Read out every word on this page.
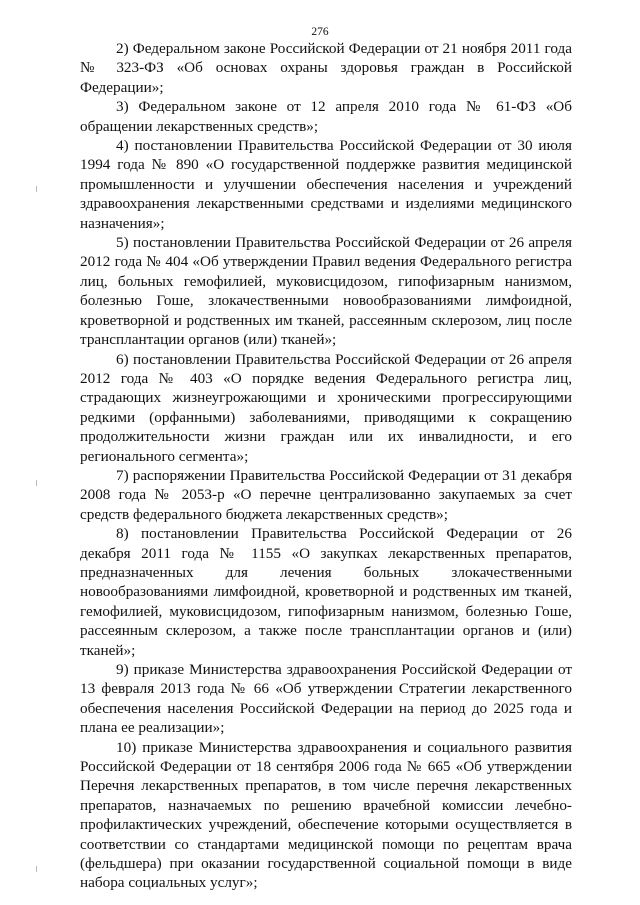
276

2) Федеральном законе Российской Федерации от 21 ноября 2011 года № 323-ФЗ «Об основах охраны здоровья граждан в Российской Федерации»;

3) Федеральном законе от 12 апреля 2010 года № 61-ФЗ «Об обращении лекарственных средств»;

4) постановлении Правительства Российской Федерации от 30 июля 1994 года № 890 «О государственной поддержке развития медицинской промышленности и улучшении обеспечения населения и учреждений здравоохранения лекарственными средствами и изделиями медицинского назначения»;

5) постановлении Правительства Российской Федерации от 26 апреля 2012 года № 404 «Об утверждении Правил ведения Федерального регистра лиц, больных гемофилией, муковисцидозом, гипофизарным нанизмом, болезнью Гоше, злокачественными новообразованиями лимфоидной, кроветворной и родственных им тканей, рассеянным склерозом, лиц после трансплантации органов (или) тканей»;

6) постановлении Правительства Российской Федерации от 26 апреля 2012 года № 403 «О порядке ведения Федерального регистра лиц, страдающих жизнеугрожающими и хроническими прогрессирующими редкими (орфанными) заболеваниями, приводящими к сокращению продолжительности жизни граждан или их инвалидности, и его регионального сегмента»;

7) распоряжении Правительства Российской Федерации от 31 декабря 2008 года № 2053-р «О перечне централизованно закупаемых за счет средств федерального бюджета лекарственных средств»;

8) постановлении Правительства Российской Федерации от 26 декабря 2011 года № 1155 «О закупках лекарственных препаратов, предназначенных для лечения больных злокачественными новообразованиями лимфоидной, кроветворной и родственных им тканей, гемофилией, муковисцидозом, гипофизарным нанизмом, болезнью Гоше, рассеянным склерозом, а также после трансплантации органов и (или) тканей»;

9) приказе Министерства здравоохранения Российской Федерации от 13 февраля 2013 года № 66 «Об утверждении Стратегии лекарственного обеспечения населения Российской Федерации на период до 2025 года и плана ее реализации»;

10) приказе Министерства здравоохранения и социального развития Российской Федерации от 18 сентября 2006 года № 665 «Об утверждении Перечня лекарственных препаратов, в том числе перечня лекарственных препаратов, назначаемых по решению врачебной комиссии лечебно-профилактических учреждений, обеспечение которыми осуществляется в соответствии со стандартами медицинской помощи по рецептам врача (фельдшера) при оказании государственной социальной помощи в виде набора социальных услуг»;
